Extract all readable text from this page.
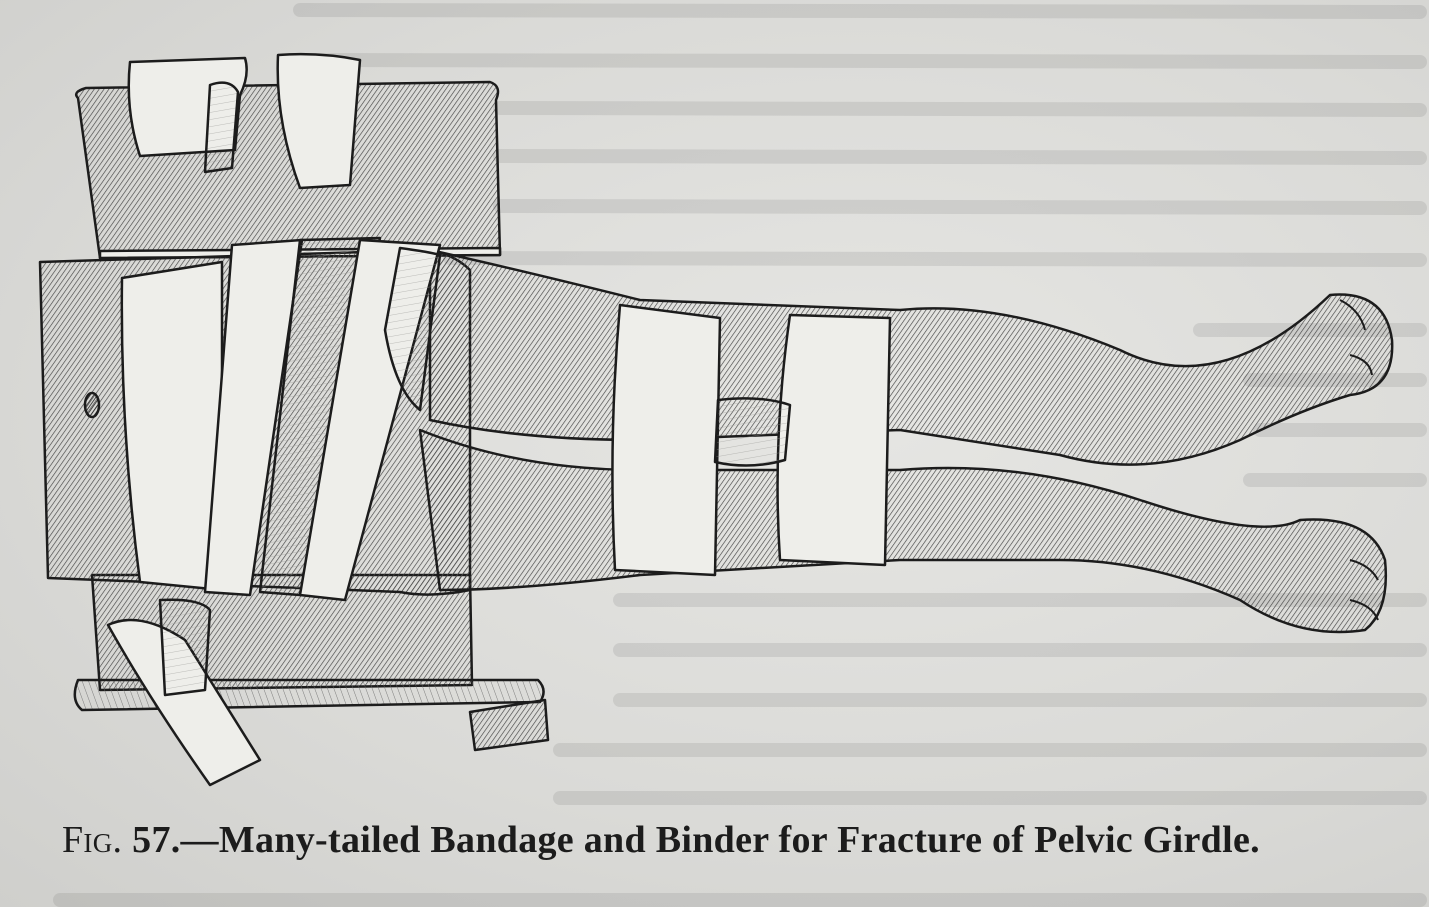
Fig. 57.—Many-tailed Bandage and Binder for Fracture of Pelvic Girdle.
